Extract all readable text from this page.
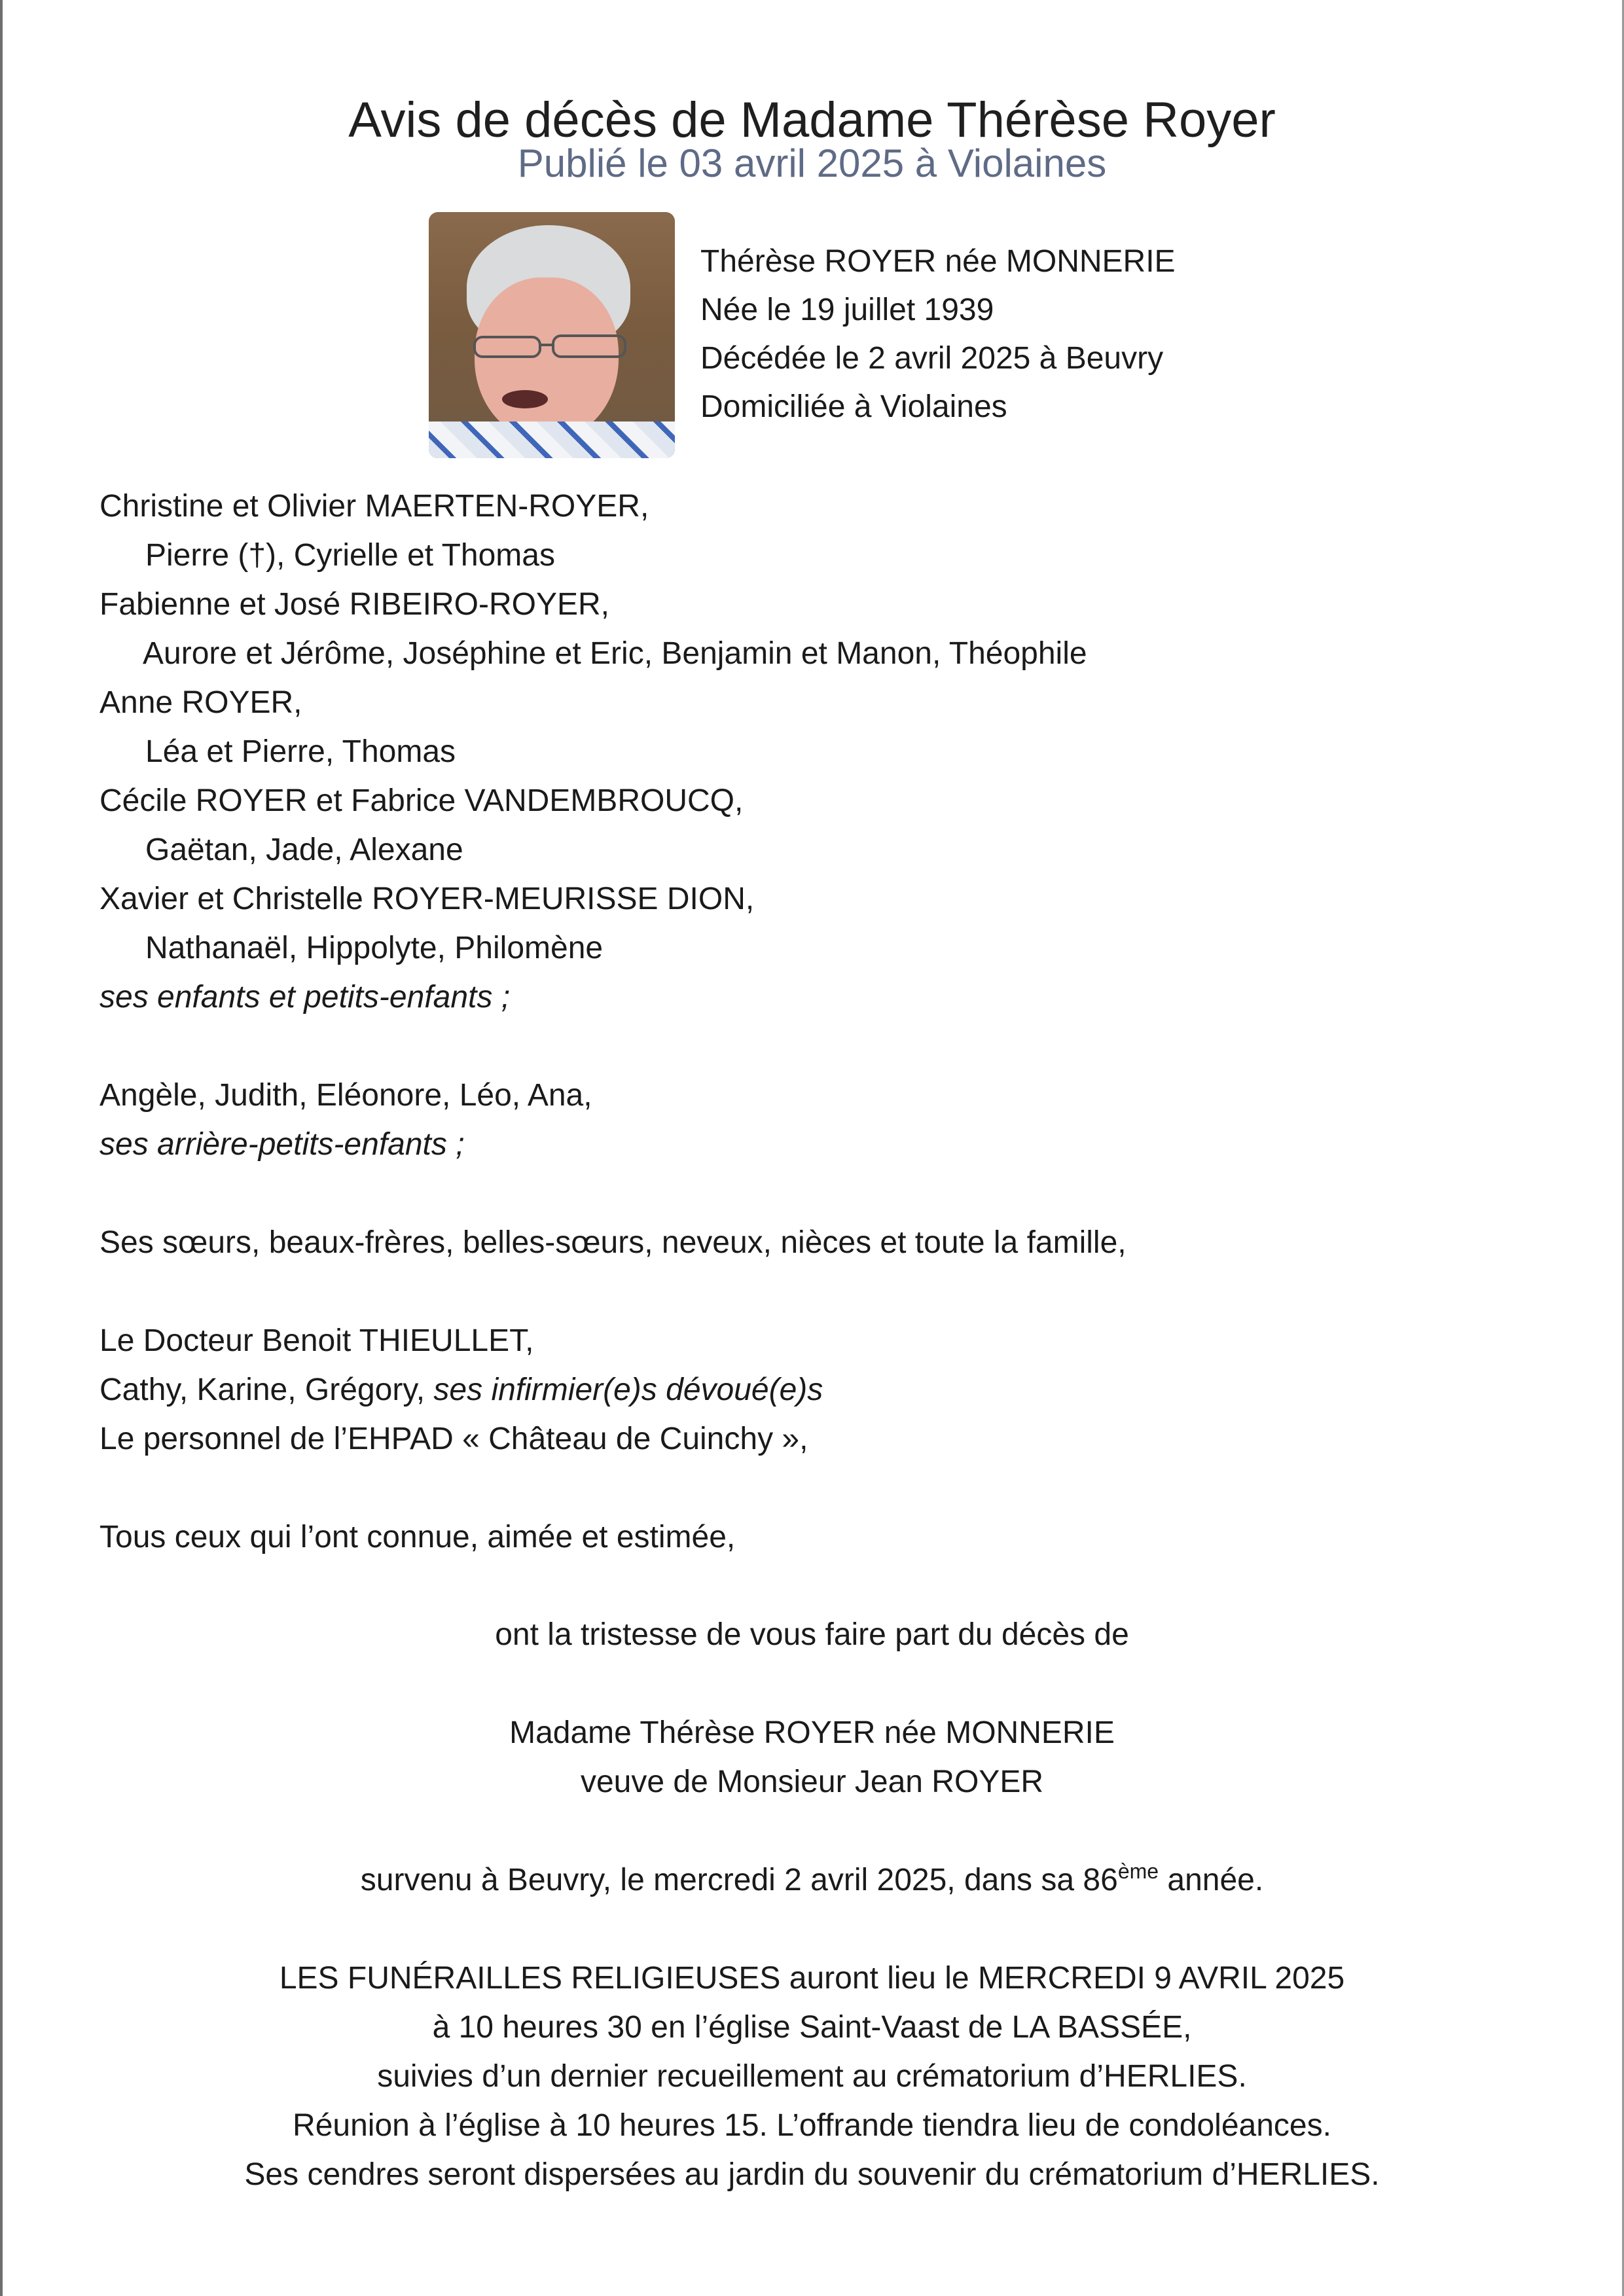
Avis de décès de Madame Thérèse Royer
Publié le 03 avril 2025 à Violaines
Thérèse ROYER née MONNERIE
Née le 19 juillet 1939
Décédée le 2 avril 2025 à Beuvry
Domiciliée à Violaines
Christine et Olivier MAERTEN-ROYER,
Pierre (†), Cyrielle et Thomas
Fabienne et José RIBEIRO-ROYER,
Aurore et Jérôme, Joséphine et Eric, Benjamin et Manon, Théophile
Anne ROYER,
Léa et Pierre, Thomas
Cécile ROYER et Fabrice VANDEMBROUCQ,
Gaëtan, Jade, Alexane
Xavier et Christelle ROYER-MEURISSE DION,
Nathanaël, Hippolyte, Philomène
ses enfants et petits-enfants ;
Angèle, Judith, Eléonore, Léo, Ana,
ses arrière-petits-enfants ;
Ses sœurs, beaux-frères, belles-sœurs, neveux, nièces et toute la famille,
Le Docteur Benoit THIEULLET,
Cathy, Karine, Grégory, ses infirmier(e)s dévoué(e)s
Le personnel de l’EHPAD « Château de Cuinchy »,
Tous ceux qui l’ont connue, aimée et estimée,
ont la tristesse de vous faire part du décès de
Madame Thérèse ROYER née MONNERIE
veuve de Monsieur Jean ROYER
survenu à Beuvry, le mercredi 2 avril 2025, dans sa 86ème année.
LES FUNÉRAILLES RELIGIEUSES auront lieu le MERCREDI 9 AVRIL 2025
à 10 heures 30 en l’église Saint-Vaast de LA BASSÉE,
suivies d’un dernier recueillement au crématorium d’HERLIES.
Réunion à l’église à 10 heures 15. L’offrande tiendra lieu de condoléances.
Ses cendres seront dispersées au jardin du souvenir du crématorium d’HERLIES.
